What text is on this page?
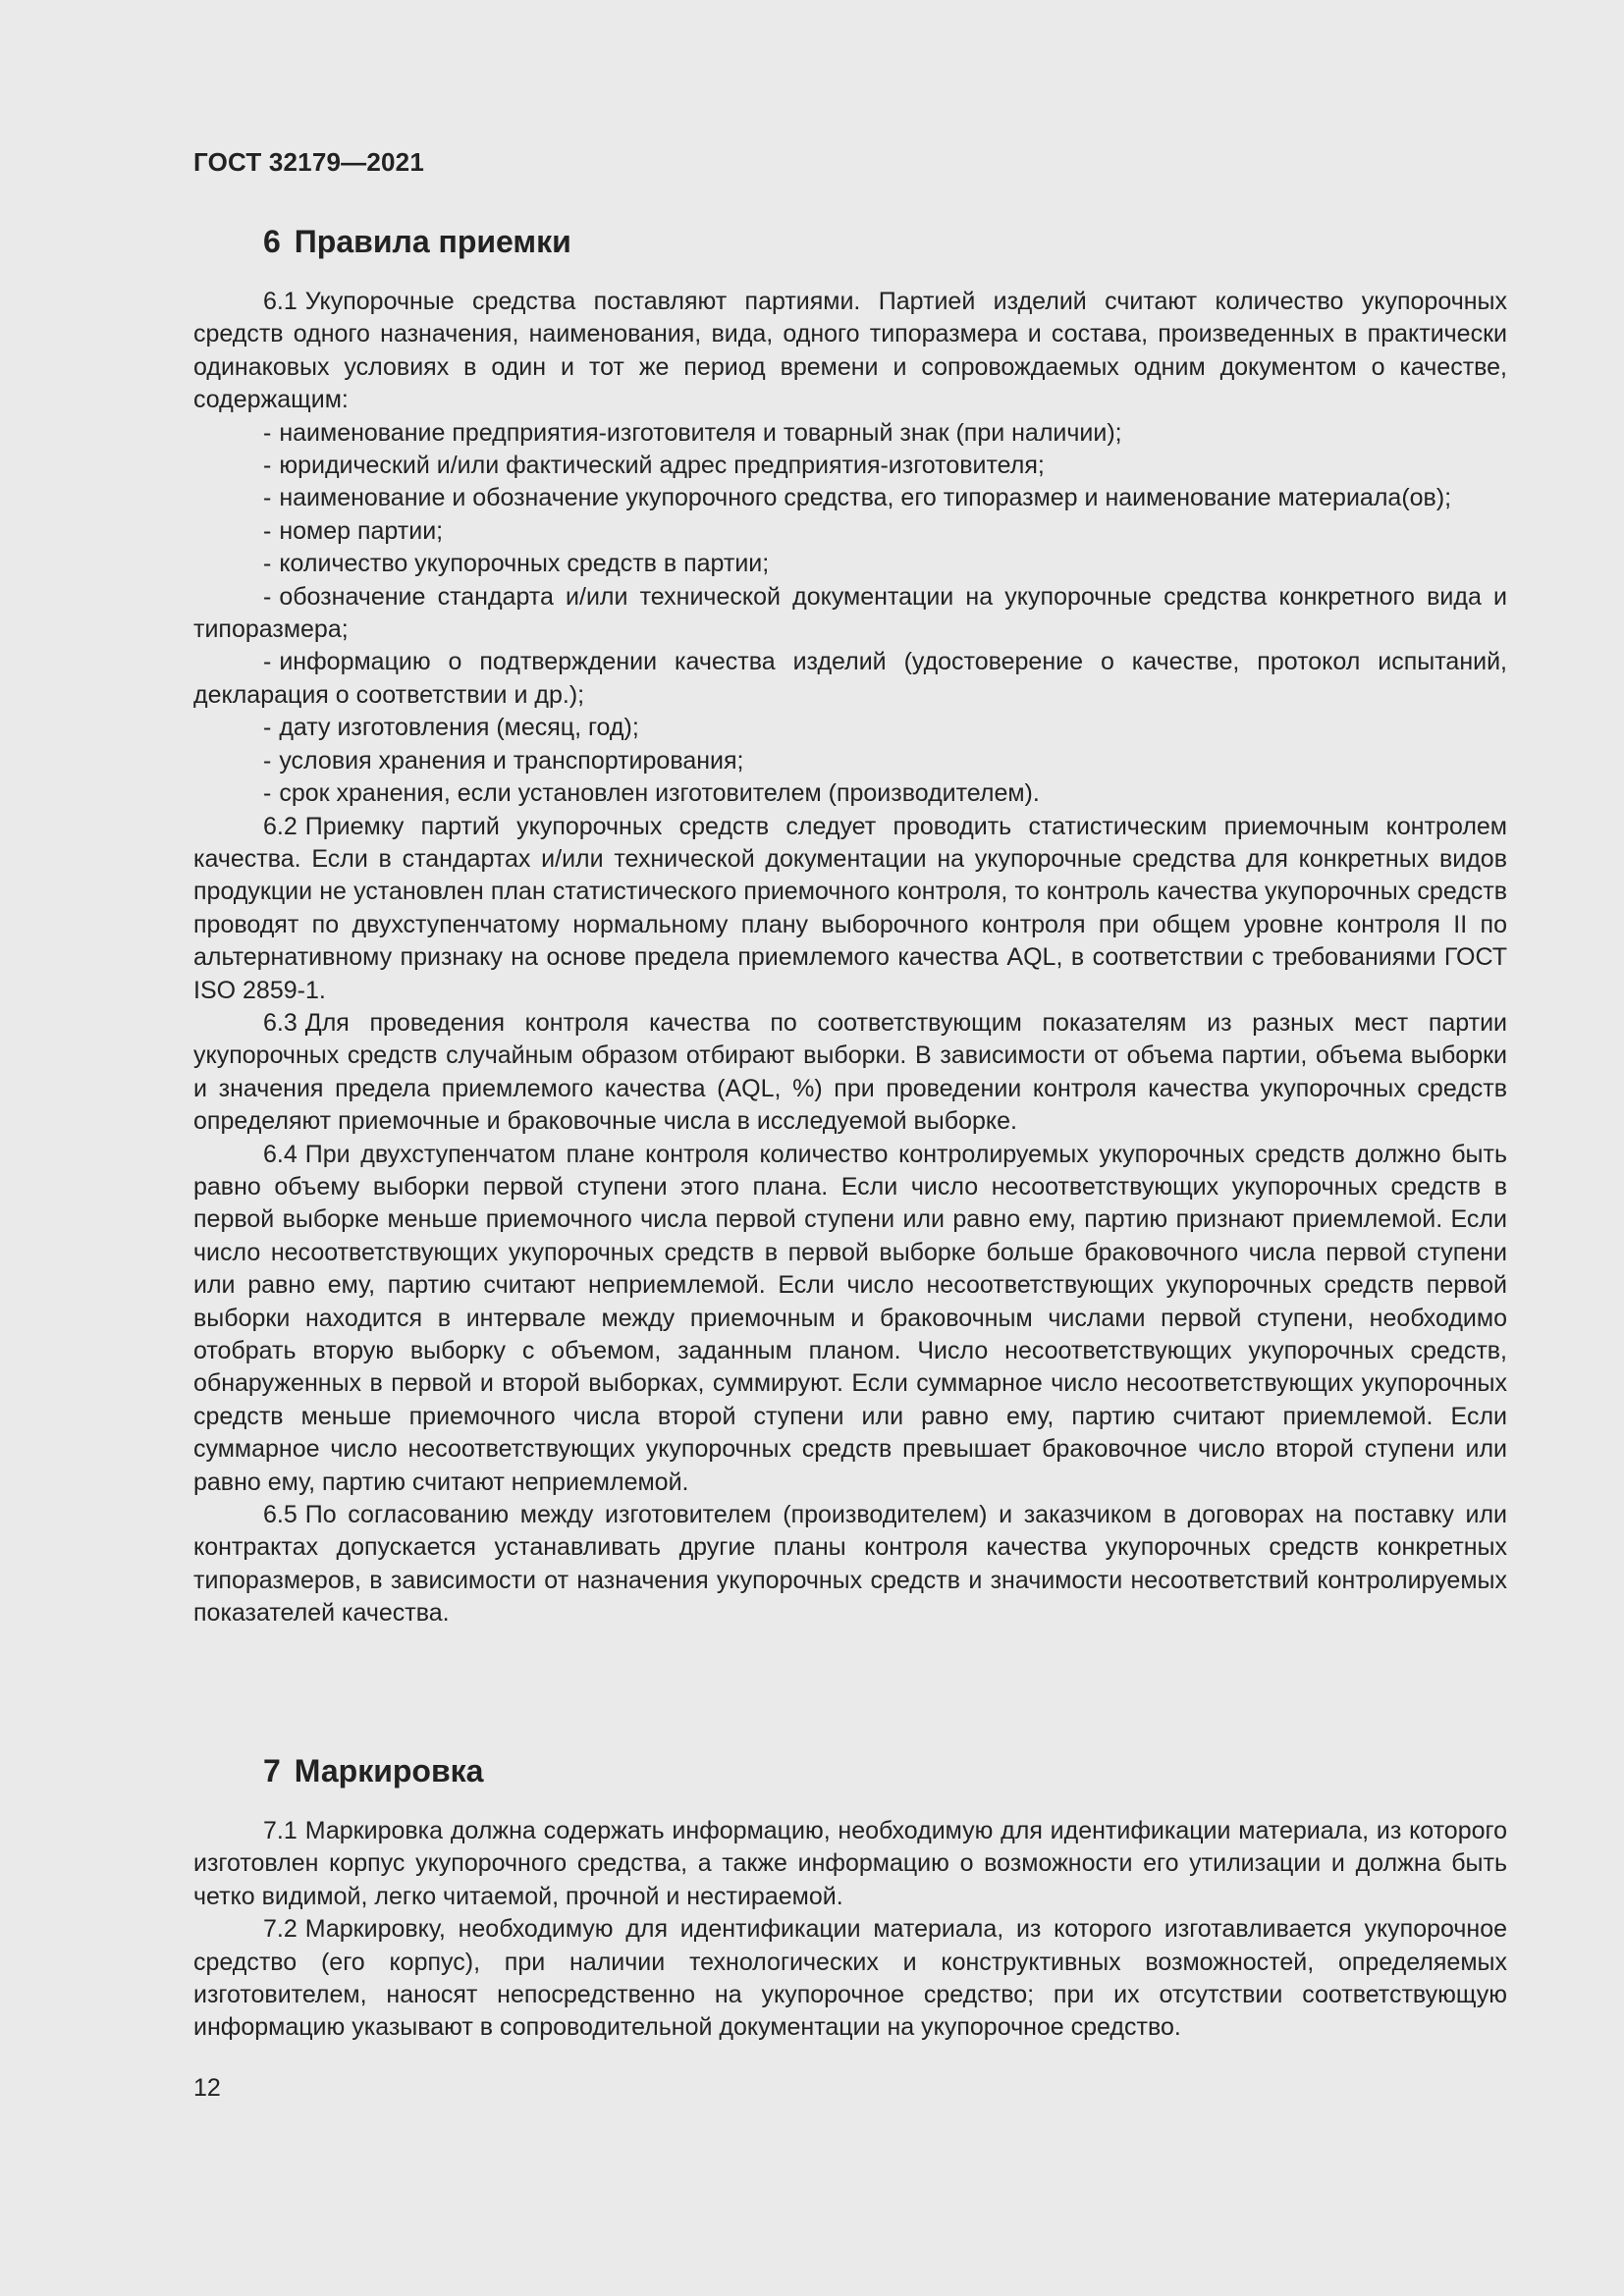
ГОСТ 32179—2021
6 Правила приемки

6.1 Укупорочные средства поставляют партиями. Партией изделий считают количество укупорочных средств одного назначения, наименования, вида, одного типоразмера и состава, произведенных в практически одинаковых условиях в один и тот же период времени и сопровождаемых одним документом о качестве, содержащим:

- наименование предприятия-изготовителя и товарный знак (при наличии);

- юридический и/или фактический адрес предприятия-изготовителя;

- наименование и обозначение укупорочного средства, его типоразмер и наименование материала(ов);

- номер партии;

- количество укупорочных средств в партии;

- обозначение стандарта и/или технической документации на укупорочные средства конкретного вида и типоразмера;

- информацию о подтверждении качества изделий (удостоверение о качестве, протокол испытаний, декларация о соответствии и др.);

- дату изготовления (месяц, год);

- условия хранения и транспортирования;

- срок хранения, если установлен изготовителем (производителем).

6.2 Приемку партий укупорочных средств следует проводить статистическим приемочным контролем качества. Если в стандартах и/или технической документации на укупорочные средства для конкретных видов продукции не установлен план статистического приемочного контроля, то контроль качества укупорочных средств проводят по двухступенчатому нормальному плану выборочного контроля при общем уровне контроля II по альтернативному признаку на основе предела приемлемого качества AQL, в соответствии с требованиями ГОСТ ISO 2859-1.

6.3 Для проведения контроля качества по соответствующим показателям из разных мест партии укупорочных средств случайным образом отбирают выборки. В зависимости от объема партии, объема выборки и значения предела приемлемого качества (AQL, %) при проведении контроля качества укупорочных средств определяют приемочные и браковочные числа в исследуемой выборке.

6.4 При двухступенчатом плане контроля количество контролируемых укупорочных средств должно быть равно объему выборки первой ступени этого плана. Если число несоответствующих укупорочных средств в первой выборке меньше приемочного числа первой ступени или равно ему, партию признают приемлемой. Если число несоответствующих укупорочных средств в первой выборке больше браковочного числа первой ступени или равно ему, партию считают неприемлемой. Если число несоответствующих укупорочных средств первой выборки находится в интервале между приемочным и браковочным числами первой ступени, необходимо отобрать вторую выборку с объемом, заданным планом. Число несоответствующих укупорочных средств, обнаруженных в первой и второй выборках, суммируют. Если суммарное число несоответствующих укупорочных средств меньше приемочного числа второй ступени или равно ему, партию считают приемлемой. Если суммарное число несоответствующих укупорочных средств превышает браковочное число второй ступени или равно ему, партию считают неприемлемой.

6.5 По согласованию между изготовителем (производителем) и заказчиком в договорах на поставку или контрактах допускается устанавливать другие планы контроля качества укупорочных средств конкретных типоразмеров, в зависимости от назначения укупорочных средств и значимости несоответствий контролируемых показателей качества.

7 Маркировка

7.1 Маркировка должна содержать информацию, необходимую для идентификации материала, из которого изготовлен корпус укупорочного средства, а также информацию о возможности его утилизации и должна быть четко видимой, легко читаемой, прочной и нестираемой.

7.2 Маркировку, необходимую для идентификации материала, из которого изготавливается укупорочное средство (его корпус), при наличии технологических и конструктивных возможностей, определяемых изготовителем, наносят непосредственно на укупорочное средство; при их отсутствии соответствующую информацию указывают в сопроводительной документации на укупорочное средство.

12
